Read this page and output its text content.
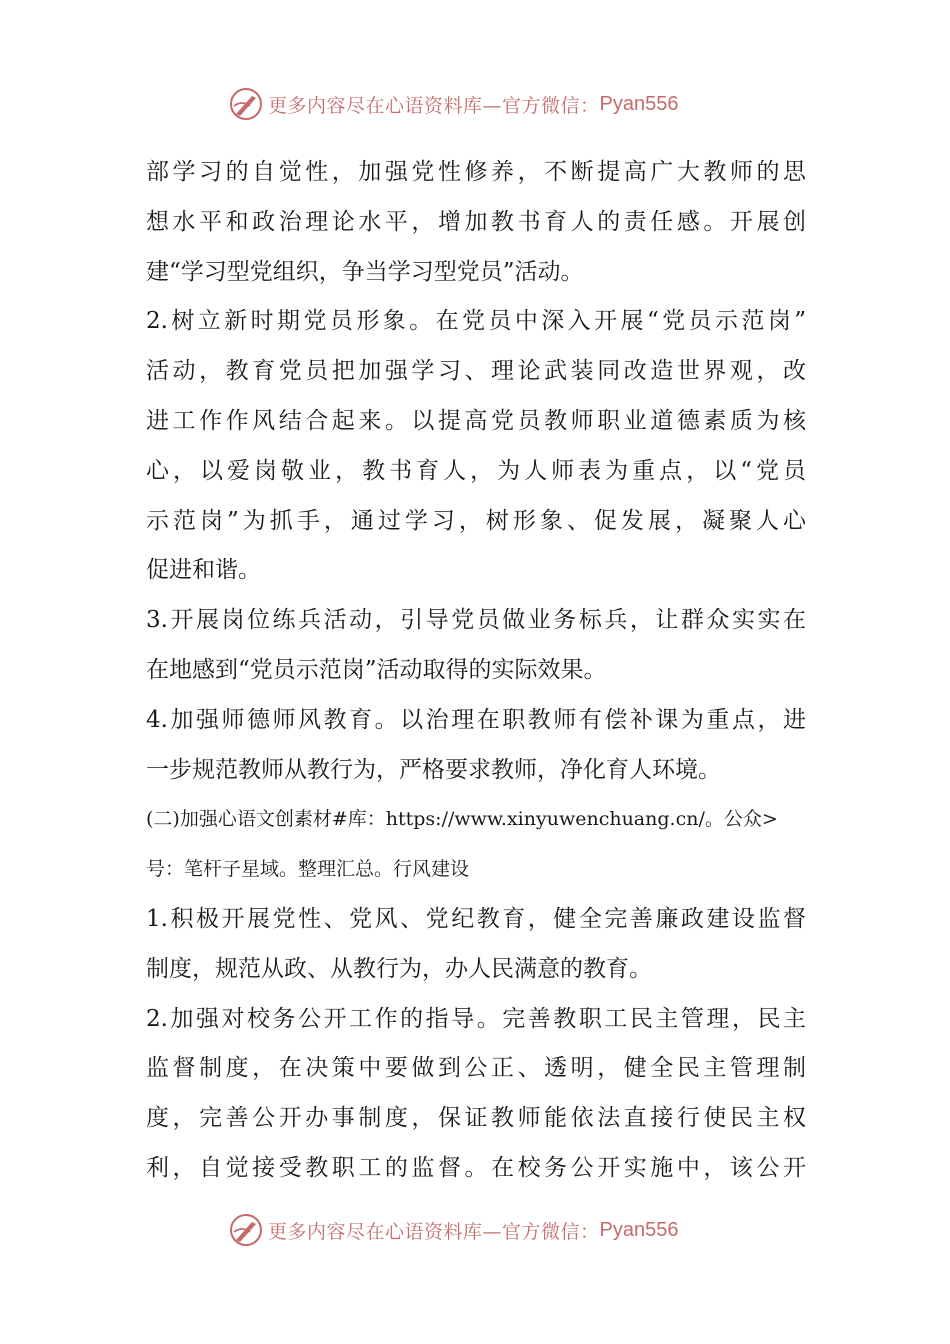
更多内容尽在心语资料库—官方微信： Pyan556
部学习的自觉性，加强党性修养，不断提高广大教师的思
想水平和政治理论水平，增加教书育人的责任感。开展创
建“学习型党组织，争当学习型党员”活动。
2.树立新时期党员形象。在党员中深入开展“党员示范岗”
活动，教育党员把加强学习、理论武装同改造世界观，改
进工作作风结合起来。以提高党员教师职业道德素质为核
心，以爱岗敬业，教书育人，为人师表为重点，以“党员
示范岗”为抓手，通过学习，树形象、促发展，凝聚人心
促进和谐。
3.开展岗位练兵活动，引导党员做业务标兵，让群众实实在
在地感到“党员示范岗”活动取得的实际效果。
4.加强师德师风教育。以治理在职教师有偿补课为重点，进
一步规范教师从教行为，严格要求教师，净化育人环境。
(二)加强心语文创素材#库：https://www.xinyuwenchuang.cn/。公众>
号：笔杆子星域。整理汇总。行风建设
1.积极开展党性、党风、党纪教育，健全完善廉政建设监督
制度，规范从政、从教行为，办人民满意的教育。
2.加强对校务公开工作的指导。完善教职工民主管理，民主
监督制度，在决策中要做到公正、透明，健全民主管理制
度，完善公开办事制度，保证教师能依法直接行使民主权
利，自觉接受教职工的监督。在校务公开实施中，该公开
更多内容尽在心语资料库—官方微信： Pyan556
